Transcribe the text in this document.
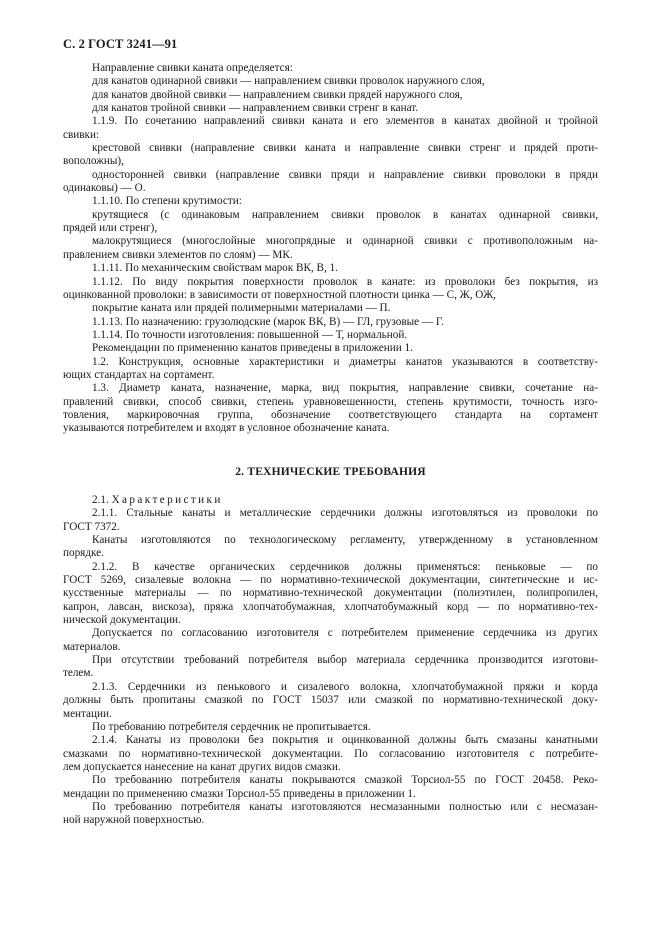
С. 2 ГОСТ 3241—91
Направление свивки каната определяется:
для канатов одинарной свивки — направлением свивки проволок наружного слоя,
для канатов двойной свивки — направлением свивки прядей наружного слоя,
для канатов тройной свивки — направлением свивки стренг в канат.
1.1.9. По сочетанию направлений свивки каната и его элементов в канатах двойной и тройной
свивки:
крестовой свивки (направление свивки каната и направление свивки стренг и прядей проти-
воположны),
односторонней свивки (направление свивки пряди и направление свивки проволоки в пряди
одинаковы) — О.
1.1.10. По степени крутимости:
крутящиеся (с одинаковым направлением свивки проволок в канатах одинарной свивки,
прядей или стренг),
малокрутящиеся (многослойные многопрядные и одинарной свивки с противоположным на-
правлением свивки элементов по слоям) — МК.
1.1.11. По механическим свойствам марок ВК, В, 1.
1.1.12. По виду покрытия поверхности проволок в канате: из проволоки без покрытия, из
оцинкованной проволоки: в зависимости от поверхностной плотности цинка — С, Ж, ОЖ,
покрытие каната или прядей полимерными материалами — П.
1.1.13. По назначению: грузолюдские (марок ВК, В) — ГЛ, грузовые — Г.
1.1.14. По точности изготовления: повышенной — Т, нормальной.
Рекомендации по применению канатов приведены в приложении 1.
1.2. Конструкция, основные характеристики и диаметры канатов указываются в соответству-
ющих стандартах на сортамент.
1.3. Диаметр каната, назначение, марка, вид покрытия, направление свивки, сочетание на-
правлений свивки, способ свивки, степень уравновешенности, степень крутимости, точность изго-
товления, маркировочная группа, обозначение соответствующего стандарта на сортамент
указываются потребителем и входят в условное обозначение каната.
2. ТЕХНИЧЕСКИЕ ТРЕБОВАНИЯ
2.1. Характеристики
2.1.1. Стальные канаты и металлические сердечники должны изготовляться из проволоки по
ГОСТ 7372.
Канаты изготовляются по технологическому регламенту, утвержденному в установленном
порядке.
2.1.2. В качестве органических сердечников должны применяться: пеньковые — по
ГОСТ 5269, сизалевые волокна — по нормативно-технической документации, синтетические и ис-
кусственные материалы — по нормативно-технической документации (полиэтилен, полипропилен,
капрон, лавсан, вискоза), пряжа хлопчатобумажная, хлопчатобумажный корд — по нормативно-тех-
нической документации.
Допускается по согласованию изготовителя с потребителем применение сердечника из других
материалов.
При отсутствии требований потребителя выбор материала сердечника производится изготови-
телем.
2.1.3. Сердечники из пенькового и сизалевого волокна, хлопчатобумажной пряжи и корда
должны быть пропитаны смазкой по ГОСТ 15037 или смазкой по нормативно-технической доку-
ментации.
По требованию потребителя сердечник не пропитывается.
2.1.4. Канаты из проволоки без покрытия и оцинкованной должны быть смазаны канатными
смазками по нормативно-технической документации. По согласованию изготовителя с потребите-
лем допускается нанесение на канат других видов смазки.
По требованию потребителя канаты покрываются смазкой Торсиол-55 по ГОСТ 20458. Реко-
мендации по применению смазки Торсиол-55 приведены в приложении 1.
По требованию потребителя канаты изготовляются несмазанными полностью или с несмазан-
ной наружной поверхностью.
